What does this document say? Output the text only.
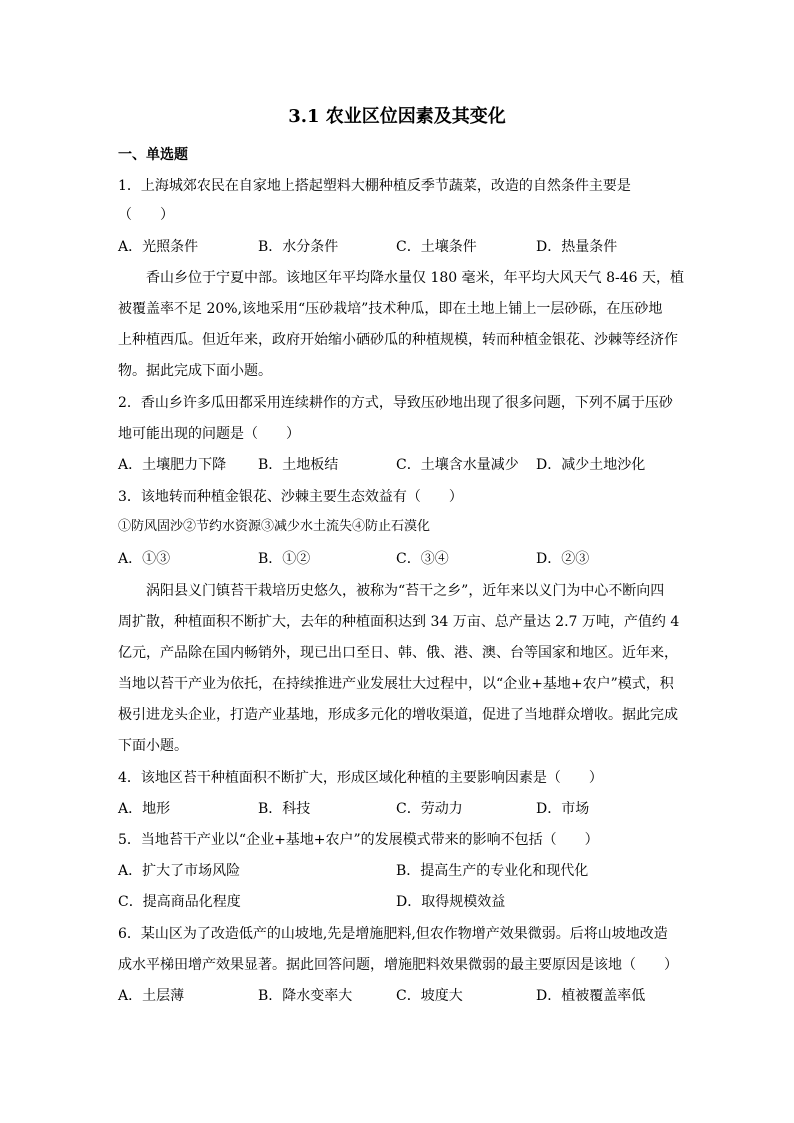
3.1 农业区位因素及其变化
一、单选题
1．上海城郊农民在自家地上搭起塑料大棚种植反季节蔬菜，改造的自然条件主要是
（　　）
A．光照条件	B．水分条件	C．土壤条件	D．热量条件
香山乡位于宁夏中部。该地区年平均降水量仅 180 毫米，年平均大风天气 8-46 天，植
被覆盖率不足 20%,该地采用“压砂栽培”技术种瓜，即在土地上铺上一层砂砾，在压砂地
上种植西瓜。但近年来，政府开始缩小硒砂瓜的种植规模，转而种植金银花、沙棘等经济作
物。据此完成下面小题。
2．香山乡许多瓜田都采用连续耕作的方式，导致压砂地出现了很多问题，下列不属于压砂
地可能出现的问题是（　　）
A．土壤肥力下降 B．土地板结	C．土壤含水量减少 D．减少土地沙化
3．该地转而种植金银花、沙棘主要生态效益有（　　）
①防风固沙②节约水资源③减少水土流失④防止石漠化
A．①③	B．①②	C．③④	D．②③
涡阳县义门镇苔干栽培历史悠久，被称为“苔干之乡”，近年来以义门为中心不断向四
周扩散，种植面积不断扩大，去年的种植面积达到 34 万亩、总产量达 2.7 万吨，产值约 4
亿元，产品除在国内畅销外，现已出口至日、韩、俄、港、澳、台等国家和地区。近年来，
当地以苔干产业为依托，在持续推进产业发展壮大过程中，以“企业+基地+农户”模式，积
极引进龙头企业，打造产业基地，形成多元化的增收渠道，促进了当地群众增收。据此完成
下面小题。
4．该地区苔干种植面积不断扩大，形成区域化种植的主要影响因素是（　　）
A．地形	B．科技	C．劳动力	D．市场
5．当地苔干产业以“企业+基地+农户”的发展模式带来的影响不包括（　　）
A．扩大了市场风险	B．提高生产的专业化和现代化
C．提高商品化程度	D．取得规模效益
6．某山区为了改造低产的山坡地,先是增施肥料,但农作物增产效果微弱。后将山坡地改造
成水平梯田增产效果显著。据此回答问题，增施肥料效果微弱的最主要原因是该地（　　）
A．土层薄	B．降水变率大	C．坡度大	D．植被覆盖率低
